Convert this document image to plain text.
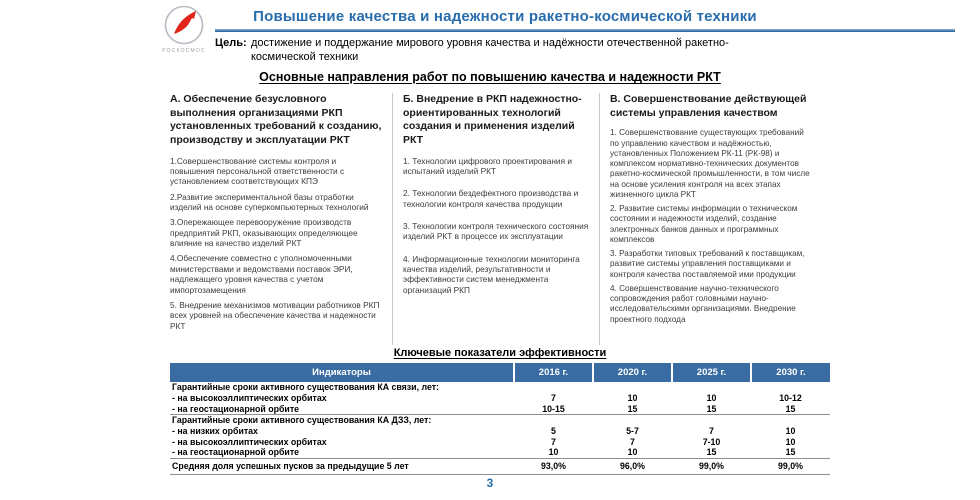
РОСКОСМОС
Повышение качества и надежности ракетно-космической техники
Цель: достижение и поддержание мирового уровня качества и надёжности отечественной ракетно-космической техники
Основные направления работ по повышению качества и надежности РКТ
А. Обеспечение безусловного выполнения организациями РКП установленных требований к созданию, производству и эксплуатации РКТ

1.Совершенствование системы контроля и повышения персональной ответственности с установлением соответствующих КПЭ

2.Развитие экспериментальной базы отработки изделий на основе суперкомпьютерных технологий

3.Опережающее перевооружение производств предприятий РКП, оказывающих определяющее влияние на качество изделий РКТ

4.Обеспечение совместно с уполномоченными министерствами и ведомствами поставок ЭРИ, надлежащего уровня качества с учетом импортозамещения

5. Внедрение механизмов мотивации работников РКП всех уровней на обеспечение качества и надежности РКТ

Б. Внедрение в РКП надежностно-ориентированных технологий создания и применения изделий РКТ

1. Технологии цифрового проектирования и испытаний изделий РКТ

2. Технологии бездефектного производства и технологии контроля качества продукции

3. Технологии контроля технического состояния изделий РКТ в процессе их эксплуатации

4. Информационные технологии мониторинга качества изделий, результативности и эффективности систем менеджмента организаций РКП

В. Совершенствование действующей системы управления качеством

1. Совершенствование существующих требований по управлению качеством и надёжностью, установленных Положением РК-11 (РК-98) и комплексом нормативно-технических документов ракетно-космической промышленности, в том числе на основе усиления контроля на всех этапах жизненного цикла РКТ

2. Развитие системы информации о техническом состоянии и надежности изделий, создание электронных банков данных и программных комплексов

3. Разработки типовых требований к поставщикам, развитие системы управления поставщиками и контроля качества поставляемой ими продукции

4. Совершенствование научно-технического сопровождения работ головными научно-исследовательскими организациями. Внедрение проектного подхода

Ключевые показатели эффективности
Индикаторы	2016 г.	2020 г.	2025 г.	2030 г.
Гарантийные сроки активного существования КА связи, лет:				
- на высокоэллиптических орбитах	7	10	10	10-12
- на геостационарной орбите	10-15	15	15	15
Гарантийные сроки активного существования КА ДЗЗ, лет:				
- на низких орбитах	5	5-7	7	10
- на высокоэллиптических орбитах	7	7	7-10	10
- на геостационарной орбите	10	10	15	15
Средняя доля успешных пусков за предыдущие 5 лет	93,0%	96,0%	99,0%	99,0%
3
